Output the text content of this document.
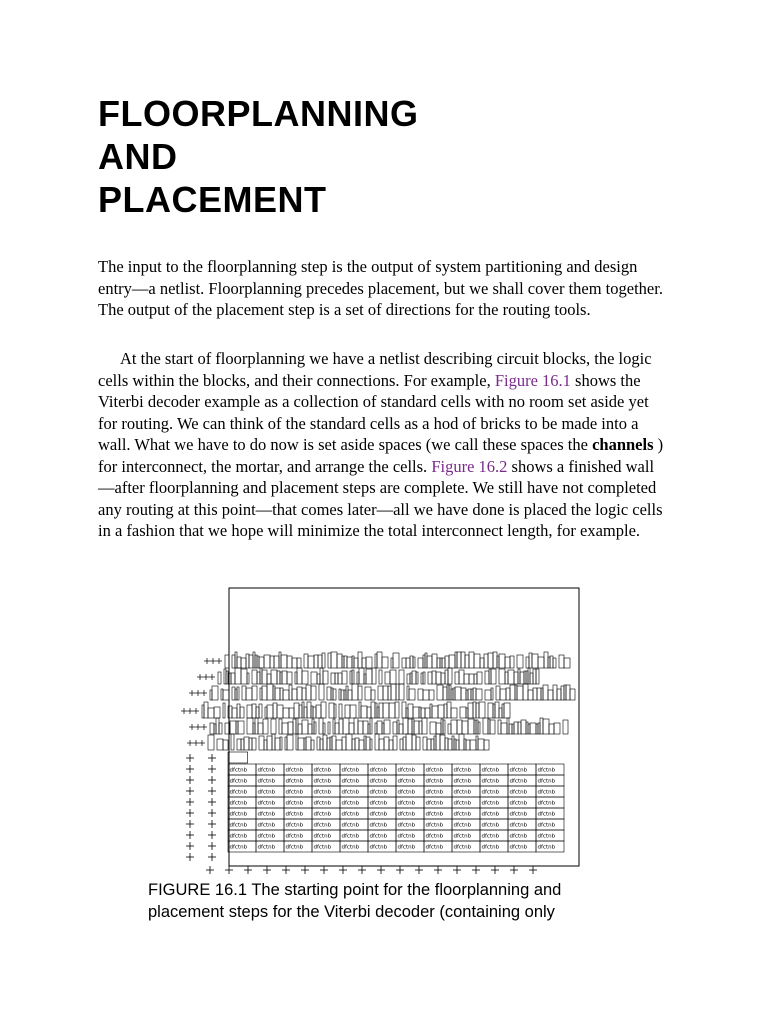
FLOORPLANNING
AND
PLACEMENT

The input to the floorplanning step is the output of system partitioning and design entry—a netlist. Floorplanning precedes placement, but we shall cover them together. The output of the placement step is a set of directions for the routing tools.

At the start of floorplanning we have a netlist describing circuit blocks, the logic cells within the blocks, and their connections. For example, Figure 16.1 shows the Viterbi decoder example as a collection of standard cells with no room set aside yet for routing. We can think of the standard cells as a hod of bricks to be made into a wall. What we have to do now is set aside spaces (we call these spaces the channels ) for interconnect, the mortar, and arrange the cells. Figure 16.2 shows a finished wall—after floorplanning and placement steps are complete. We still have not completed any routing at this point—that comes later—all we have done is placed the logic cells in a fashion that we hope will minimize the total interconnect length, for example.

dfctnb dfctnb dfctnb dfctnb dfctnb dfctnb dfctnb dfctnb dfctnb dfctnb dfctnb dfctnb
dfctnb dfctnb dfctnb dfctnb dfctnb dfctnb dfctnb dfctnb dfctnb dfctnb dfctnb dfctnb
dfctnb dfctnb dfctnb dfctnb dfctnb dfctnb dfctnb dfctnb dfctnb dfctnb dfctnb dfctnb
dfctnb dfctnb dfctnb dfctnb dfctnb dfctnb dfctnb dfctnb dfctnb dfctnb dfctnb dfctnb
dfctnb dfctnb dfctnb dfctnb dfctnb dfctnb dfctnb dfctnb dfctnb dfctnb dfctnb dfctnb
dfctnb dfctnb dfctnb dfctnb dfctnb dfctnb dfctnb dfctnb dfctnb dfctnb dfctnb dfctnb
dfctnb dfctnb dfctnb dfctnb dfctnb dfctnb dfctnb dfctnb dfctnb dfctnb dfctnb dfctnb
dfctnb dfctnb dfctnb dfctnb dfctnb dfctnb dfctnb dfctnb dfctnb dfctnb dfctnb dfctnb

FIGURE 16.1 The starting point for the floorplanning and placement steps for the Viterbi decoder (containing only
